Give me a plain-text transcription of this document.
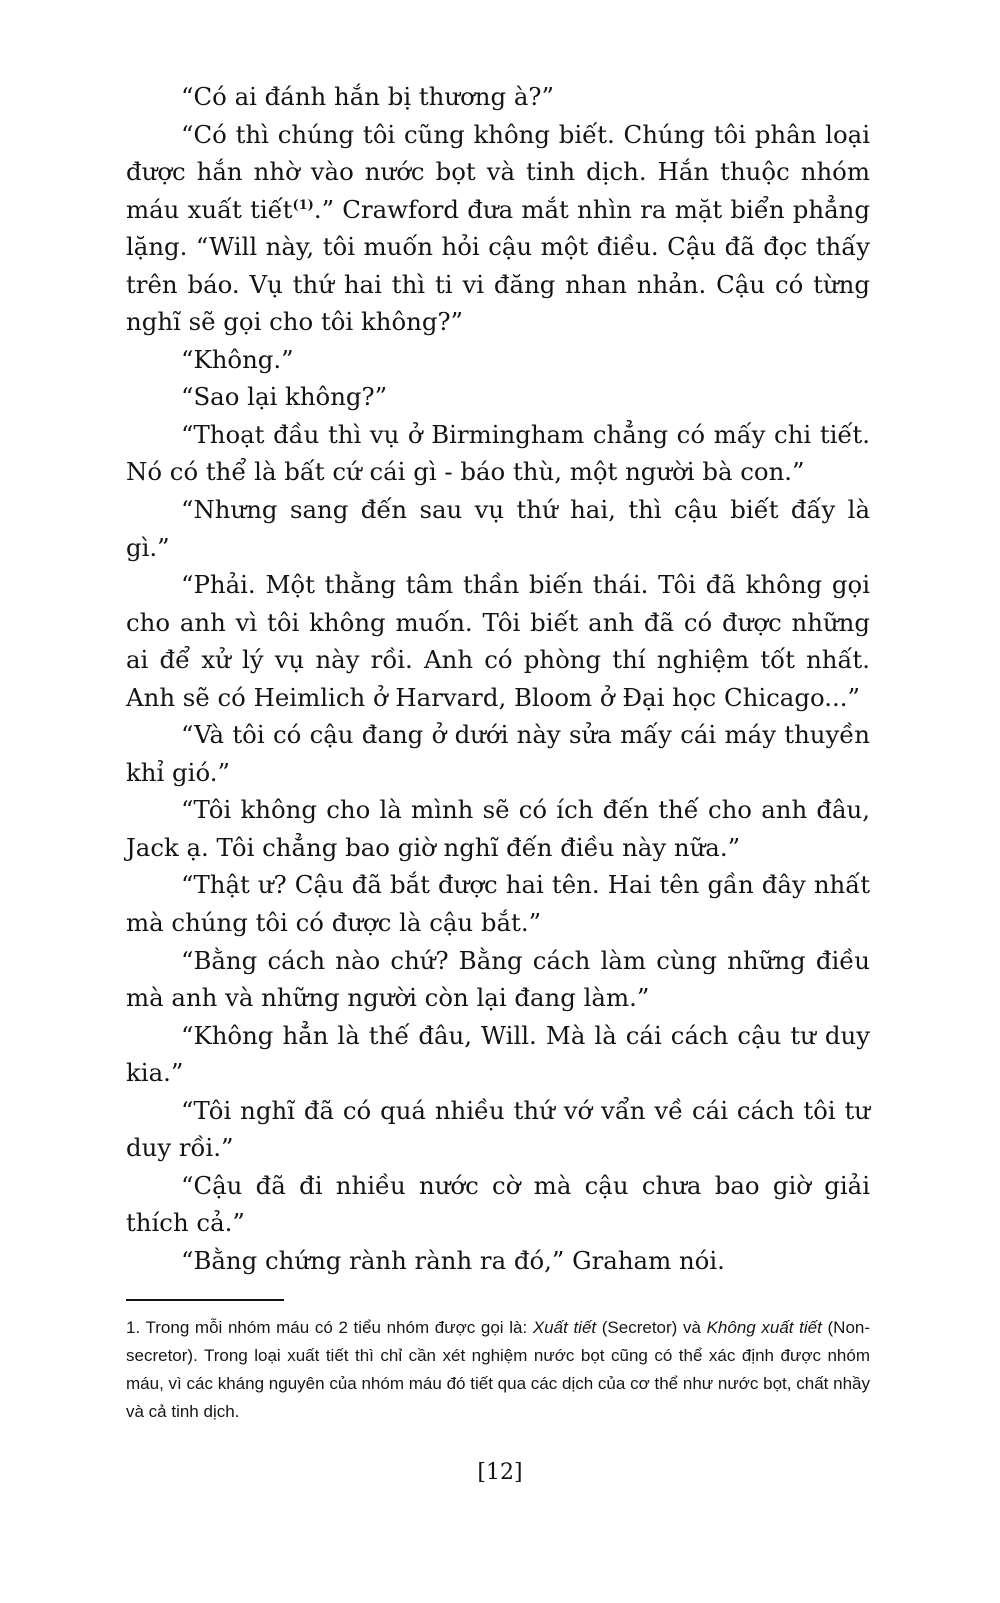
“Có ai đánh hắn bị thương à?”

“Có thì chúng tôi cũng không biết. Chúng tôi phân loại được hắn nhờ vào nước bọt và tinh dịch. Hắn thuộc nhóm máu xuất tiết$^{(1)}$.” Crawford đưa mắt nhìn ra mặt biển phẳng lặng. “Will này, tôi muốn hỏi cậu một điều. Cậu đã đọc thấy trên báo. Vụ thứ hai thì ti vi đăng nhan nhản. Cậu có từng nghĩ sẽ gọi cho tôi không?”

“Không.”

“Sao lại không?”

“Thoạt đầu thì vụ ở Birmingham chẳng có mấy chi tiết. Nó có thể là bất cứ cái gì - báo thù, một người bà con.”

“Nhưng sang đến sau vụ thứ hai, thì cậu biết đấy là gì.”

“Phải. Một thằng tâm thần biến thái. Tôi đã không gọi cho anh vì tôi không muốn. Tôi biết anh đã có được những ai để xử lý vụ này rồi. Anh có phòng thí nghiệm tốt nhất. Anh sẽ có Heimlich ở Harvard, Bloom ở Đại học Chicago...”

“Và tôi có cậu đang ở dưới này sửa mấy cái máy thuyền khỉ gió.”

“Tôi không cho là mình sẽ có ích đến thế cho anh đâu, Jack ạ. Tôi chẳng bao giờ nghĩ đến điều này nữa.”

“Thật ư? Cậu đã bắt được hai tên. Hai tên gần đây nhất mà chúng tôi có được là cậu bắt.”

“Bằng cách nào chứ? Bằng cách làm cùng những điều mà anh và những người còn lại đang làm.”

“Không hẳn là thế đâu, Will. Mà là cái cách cậu tư duy kia.”

“Tôi nghĩ đã có quá nhiều thứ vớ vẩn về cái cách tôi tư duy rồi.”

“Cậu đã đi nhiều nước cờ mà cậu chưa bao giờ giải thích cả.”

“Bằng chứng rành rành ra đó,” Graham nói.

1. Trong mỗi nhóm máu có 2 tiểu nhóm được gọi là: Xuất tiết (Secretor) và Không xuất tiết (Non-secretor). Trong loại xuất tiết thì chỉ cần xét nghiệm nước bọt cũng có thể xác định được nhóm máu, vì các kháng nguyên của nhóm máu đó tiết qua các dịch của cơ thể như nước bọt, chất nhầy và cả tinh dịch.

[12]
